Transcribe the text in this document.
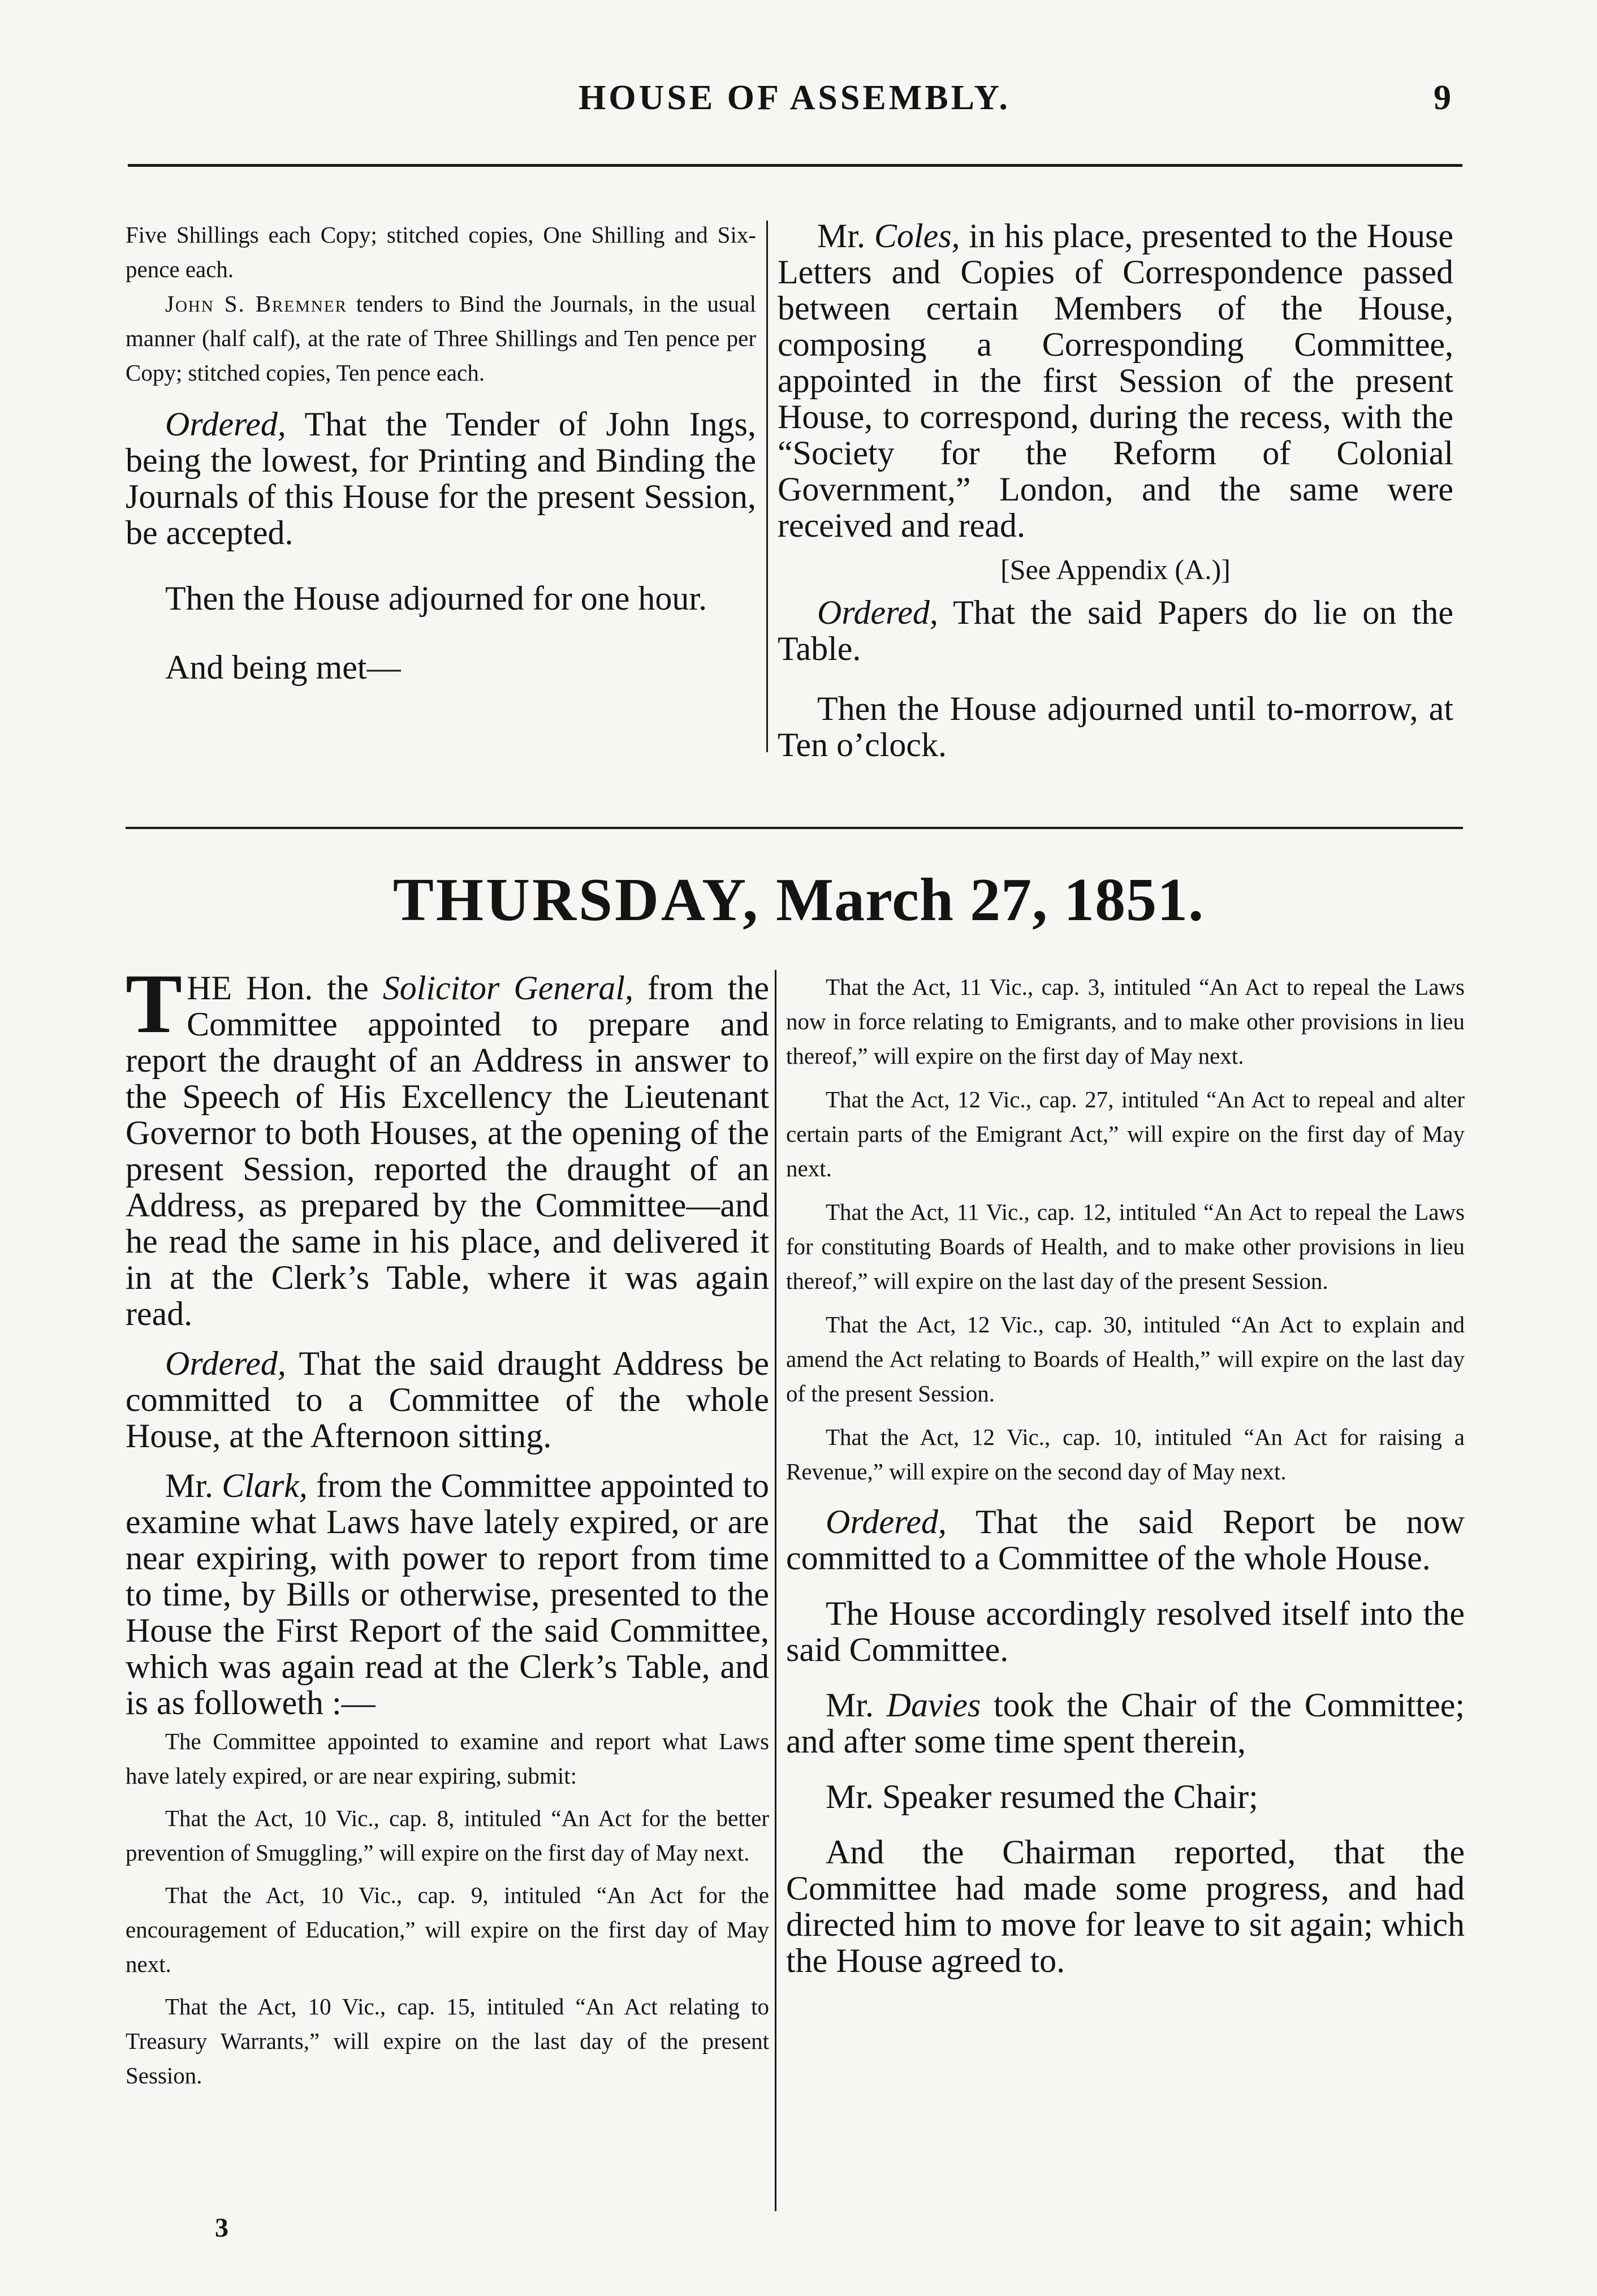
HOUSE OF ASSEMBLY.	9

Five Shillings each Copy; stitched copies, One Shilling and Six-pence each.

John S. Bremner tenders to Bind the Journals, in the usual manner (half calf), at the rate of Three Shillings and Ten pence per Copy; stitched copies, Ten pence each.

Ordered, That the Tender of John Ings, being the lowest, for Printing and Binding the Journals of this House for the present Session, be accepted.

Then the House adjourned for one hour.

And being met—

Mr. Coles, in his place, presented to the House Letters and Copies of Correspondence passed between certain Members of the House, composing a Corresponding Committee, appointed in the first Session of the present House, to correspond, during the recess, with the “Society for the Reform of Colonial Government,” London, and the same were received and read.

[See Appendix (A.)]

Ordered, That the said Papers do lie on the Table.

Then the House adjourned until to-morrow, at Ten o’clock.

THURSDAY, March 27, 1851.

THE Hon. the Solicitor General, from the Committee appointed to prepare and report the draught of an Address in answer to the Speech of His Excellency the Lieutenant Governor to both Houses, at the opening of the present Session, reported the draught of an Address, as prepared by the Committee—and he read the same in his place, and delivered it in at the Clerk’s Table, where it was again read.

Ordered, That the said draught Address be committed to a Committee of the whole House, at the Afternoon sitting.

Mr. Clark, from the Committee appointed to examine what Laws have lately expired, or are near expiring, with power to report from time to time, by Bills or otherwise, presented to the House the First Report of the said Committee, which was again read at the Clerk’s Table, and is as followeth :—

The Committee appointed to examine and report what Laws have lately expired, or are near expiring, submit:

That the Act, 10 Vic., cap. 8, intituled “An Act for the better prevention of Smuggling,” will expire on the first day of May next.

That the Act, 10 Vic., cap. 9, intituled “An Act for the encouragement of Education,” will expire on the first day of May next.

That the Act, 10 Vic., cap. 15, intituled “An Act relating to Treasury Warrants,” will expire on the last day of the present Session.

That the Act, 11 Vic., cap. 3, intituled “An Act to repeal the Laws now in force relating to Emigrants, and to make other provisions in lieu thereof,” will expire on the first day of May next.

That the Act, 12 Vic., cap. 27, intituled “An Act to repeal and alter certain parts of the Emigrant Act,” will expire on the first day of May next.

That the Act, 11 Vic., cap. 12, intituled “An Act to repeal the Laws for constituting Boards of Health, and to make other provisions in lieu thereof,” will expire on the last day of the present Session.

That the Act, 12 Vic., cap. 30, intituled “An Act to explain and amend the Act relating to Boards of Health,” will expire on the last day of the present Session.

That the Act, 12 Vic., cap. 10, intituled “An Act for raising a Revenue,” will expire on the second day of May next.

Ordered, That the said Report be now committed to a Committee of the whole House.

The House accordingly resolved itself into the said Committee.

Mr. Davies took the Chair of the Committee; and after some time spent therein,

Mr. Speaker resumed the Chair;

And the Chairman reported, that the Committee had made some progress, and had directed him to move for leave to sit again; which the House agreed to.

3
